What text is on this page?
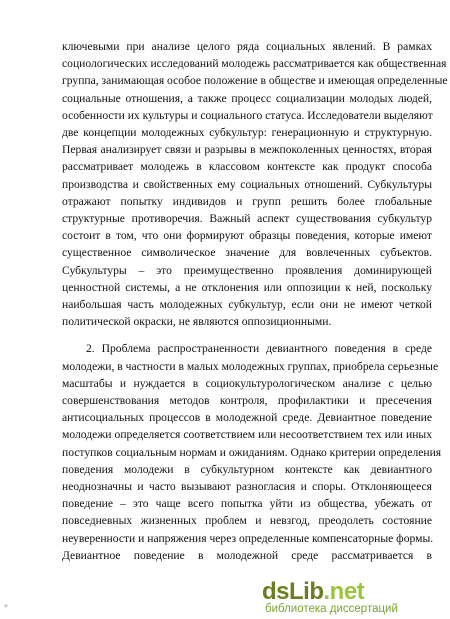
ключевыми при анализе целого ряда социальных явлений. В рамках
социологических исследований молодежь рассматривается как общественная
группа, занимающая особое положение в обществе и имеющая определенные
социальные отношения, а также процесс социализации молодых людей,
особенности их культуры и социального статуса. Исследователи выделяют
две концепции молодежных субкультур: генерационную и структурную.
Первая анализирует связи и разрывы в межпоколенных ценностях, вторая
рассматривает молодежь в классовом контексте как продукт способа
производства и свойственных ему социальных отношений. Субкультуры
отражают попытку индивидов и групп решить более глобальные
структурные противоречия. Важный аспект существования субкультур
состоит в том, что они формируют образцы поведения, которые имеют
существенное символическое значение для вовлеченных субъектов.
Субкультуры – это преимущественно проявления доминирующей
ценностной системы, а не отклонения или оппозиции к ней, поскольку
наибольшая часть молодежных субкультур, если они не имеют четкой
политической окраски, не являются оппозиционными.
2. Проблема распространенности девиантного поведения в среде
молодежи, в частности в малых молодежных группах, приобрела серьезные
масштабы и нуждается в социокультурологическом анализе с целью
совершенствования методов контроля, профилактики и пресечения
антисоциальных процессов в молодежной среде. Девиантное поведение
молодежи определяется соответствием или несоответствием тех или иных
поступков социальным нормам и ожиданиям. Однако критерии определения
поведения молодежи в субкультурном контексте как девиантного
неоднозначны и часто вызывают разногласия и споры. Отклоняющееся
поведение – это чаще всего попытка уйти из общества, убежать от
повседневных жизненных проблем и невзгод, преодолеть состояние
неуверенности и напряжения через определенные компенсаторные формы.
Девиантное поведение в молодежной среде рассматривается в
dsLib.net
библиотека диссертаций
»
